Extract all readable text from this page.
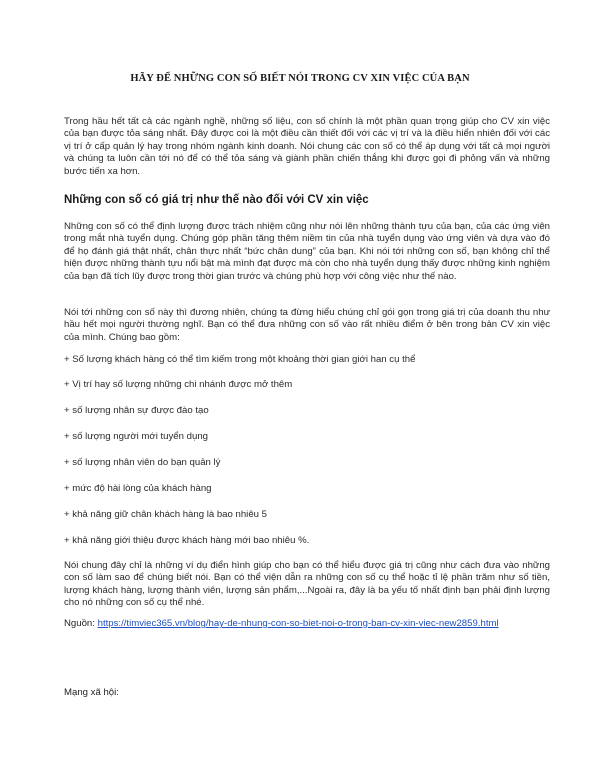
HÃY ĐỂ NHỮNG CON SỐ BIẾT NÓI TRONG CV XIN VIỆC CỦA BẠN

Trong hầu hết tất cả các ngành nghề, những số liệu, con số chính là một phần quan trọng giúp cho CV xin việc của bạn được tỏa sáng nhất. Đây được coi là một điều cần thiết đối với các vị trí và là điều hiển nhiên đối với các vị trí ở cấp quản lý hay trong nhóm ngành kinh doanh. Nói chung các con số có thể áp dụng với tất cả mọi người và chúng ta luôn cần tới nó để có thể tỏa sáng và giành phần chiến thắng khi được gọi đi phỏng vấn và những bước tiến xa hơn.

Những con số có giá trị như thế nào đối với CV xin việc

Những con số có thể định lượng được trách nhiệm cũng như nói lên những thành tựu của bạn, của các ứng viên trong mắt nhà tuyển dụng. Chúng góp phần tăng thêm niềm tin của nhà tuyển dụng vào ứng viên và dựa vào đó để họ đánh giá thật nhất, chân thực nhất “bức chân dung” của bạn. Khi nói tới những con số, bạn không chỉ thể hiện được những thành tựu nổi bật mà mình đạt được mà còn cho nhà tuyển dụng thấy được những kinh nghiệm của bạn đã tích lũy được trong thời gian trước và chúng phù hợp với công việc như thế nào.

Nói tới những con số này thì đương nhiên, chúng ta đừng hiểu chúng chỉ gói gọn trong giá trị của doanh thu như hầu hết mọi người thường nghĩ. Bạn có thể đưa những con số vào rất nhiều điểm ở bên trong bản CV xin việc của mình. Chúng bao gồm:

+ Số lượng khách hàng có thể tìm kiếm trong một khoảng thời gian giới han cụ thể

+ Vị trí hay số lượng những chi nhánh được mở thêm

+ số lượng nhân sự được đào tạo

+ số lượng người mới tuyển dụng

+ số lượng nhân viên do bạn quản lý

+ mức độ hài lòng của khách hàng

+ khả năng giữ chân khách hàng là bao nhiêu 5

+ khả năng giới thiệu được khách hàng mới bao nhiêu %.

Nói chung đây chỉ là những ví dụ điển hình giúp cho bạn có thể hiểu được giá trị cũng như cách đưa vào những con số làm sao để chúng biết nói. Bạn có thể viện dẫn ra những con số cụ thể hoặc tỉ lệ phần trăm như số tiền, lượng khách hàng, lượng thành viên, lượng sản phẩm,...Ngoài ra, đây là ba yếu tố nhất định bạn phải định lượng cho nó những con số cụ thể nhé.

Nguồn: https://timviec365.vn/blog/hay-de-nhung-con-so-biet-noi-o-trong-ban-cv-xin-viec-new2859.html

Mạng xã hội:
